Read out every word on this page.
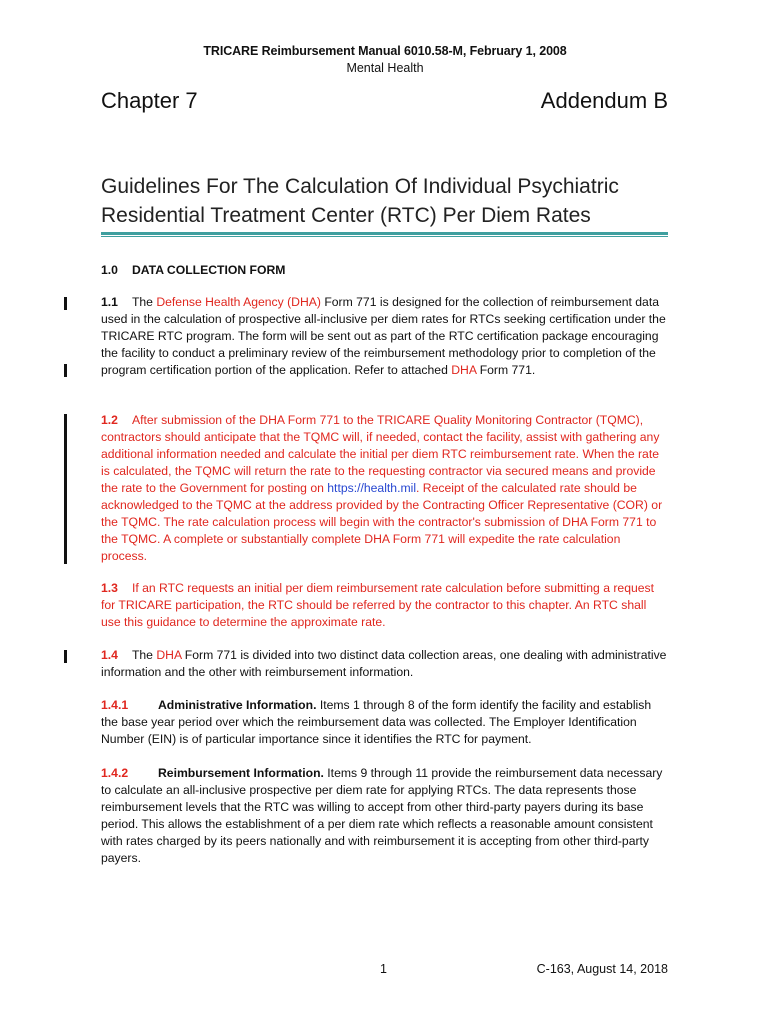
TRICARE Reimbursement Manual 6010.58-M, February 1, 2008
Mental Health
Chapter 7	Addendum B
Guidelines For The Calculation Of Individual Psychiatric
Residential Treatment Center (RTC) Per Diem Rates
1.0 DATA COLLECTION FORM
1.1 The Defense Health Agency (DHA) Form 771 is designed for the collection of reimbursement data used in the calculation of prospective all-inclusive per diem rates for RTCs seeking certification under the TRICARE RTC program. The form will be sent out as part of the RTC certification package encouraging the facility to conduct a preliminary review of the reimbursement methodology prior to completion of the program certification portion of the application. Refer to attached DHA Form 771.
1.2 After submission of the DHA Form 771 to the TRICARE Quality Monitoring Contractor (TQMC), contractors should anticipate that the TQMC will, if needed, contact the facility, assist with gathering any additional information needed and calculate the initial per diem RTC reimbursement rate. When the rate is calculated, the TQMC will return the rate to the requesting contractor via secured means and provide the rate to the Government for posting on https://health.mil. Receipt of the calculated rate should be acknowledged to the TQMC at the address provided by the Contracting Officer Representative (COR) or the TQMC. The rate calculation process will begin with the contractor's submission of DHA Form 771 to the TQMC. A complete or substantially complete DHA Form 771 will expedite the rate calculation process.
1.3 If an RTC requests an initial per diem reimbursement rate calculation before submitting a request for TRICARE participation, the RTC should be referred by the contractor to this chapter. An RTC shall use this guidance to determine the approximate rate.
1.4 The DHA Form 771 is divided into two distinct data collection areas, one dealing with administrative information and the other with reimbursement information.
1.4.1 Administrative Information. Items 1 through 8 of the form identify the facility and establish the base year period over which the reimbursement data was collected. The Employer Identification Number (EIN) is of particular importance since it identifies the RTC for payment.
1.4.2 Reimbursement Information. Items 9 through 11 provide the reimbursement data necessary to calculate an all-inclusive prospective per diem rate for applying RTCs. The data represents those reimbursement levels that the RTC was willing to accept from other third-party payers during its base period. This allows the establishment of a per diem rate which reflects a reasonable amount consistent with rates charged by its peers nationally and with reimbursement it is accepting from other third-party payers.
1	C-163, August 14, 2018
